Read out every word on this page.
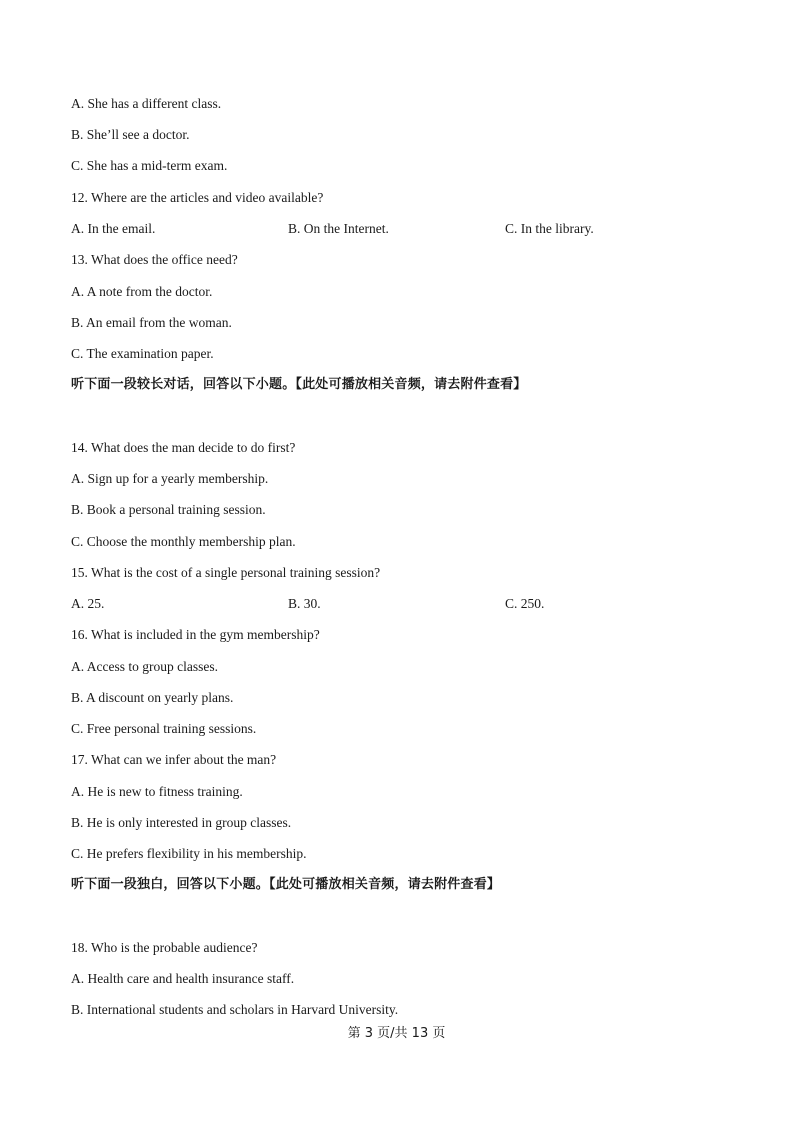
A. She has a different class.
B. She’ll see a doctor.
C. She has a mid-term exam.
12. Where are the articles and video available?
A. In the email.	B. On the Internet.	C. In the library.
13. What does the office need?
A. A note from the doctor.
B. An email from the woman.
C. The examination paper.
听下面一段较长对话，回答以下小题。【此处可播放相关音频，请去附件查看】
14. What does the man decide to do first?
A. Sign up for a yearly membership.
B. Book a personal training session.
C. Choose the monthly membership plan.
15. What is the cost of a single personal training session?
A. 25.	B. 30.	C. 250.
16. What is included in the gym membership?
A. Access to group classes.
B. A discount on yearly plans.
C. Free personal training sessions.
17. What can we infer about the man?
A. He is new to fitness training.
B. He is only interested in group classes.
C. He prefers flexibility in his membership.
听下面一段独白，回答以下小题。【此处可播放相关音频，请去附件查看】
18. Who is the probable audience?
A. Health care and health insurance staff.
B. International students and scholars in Harvard University.
第 3 页/共 13 页
